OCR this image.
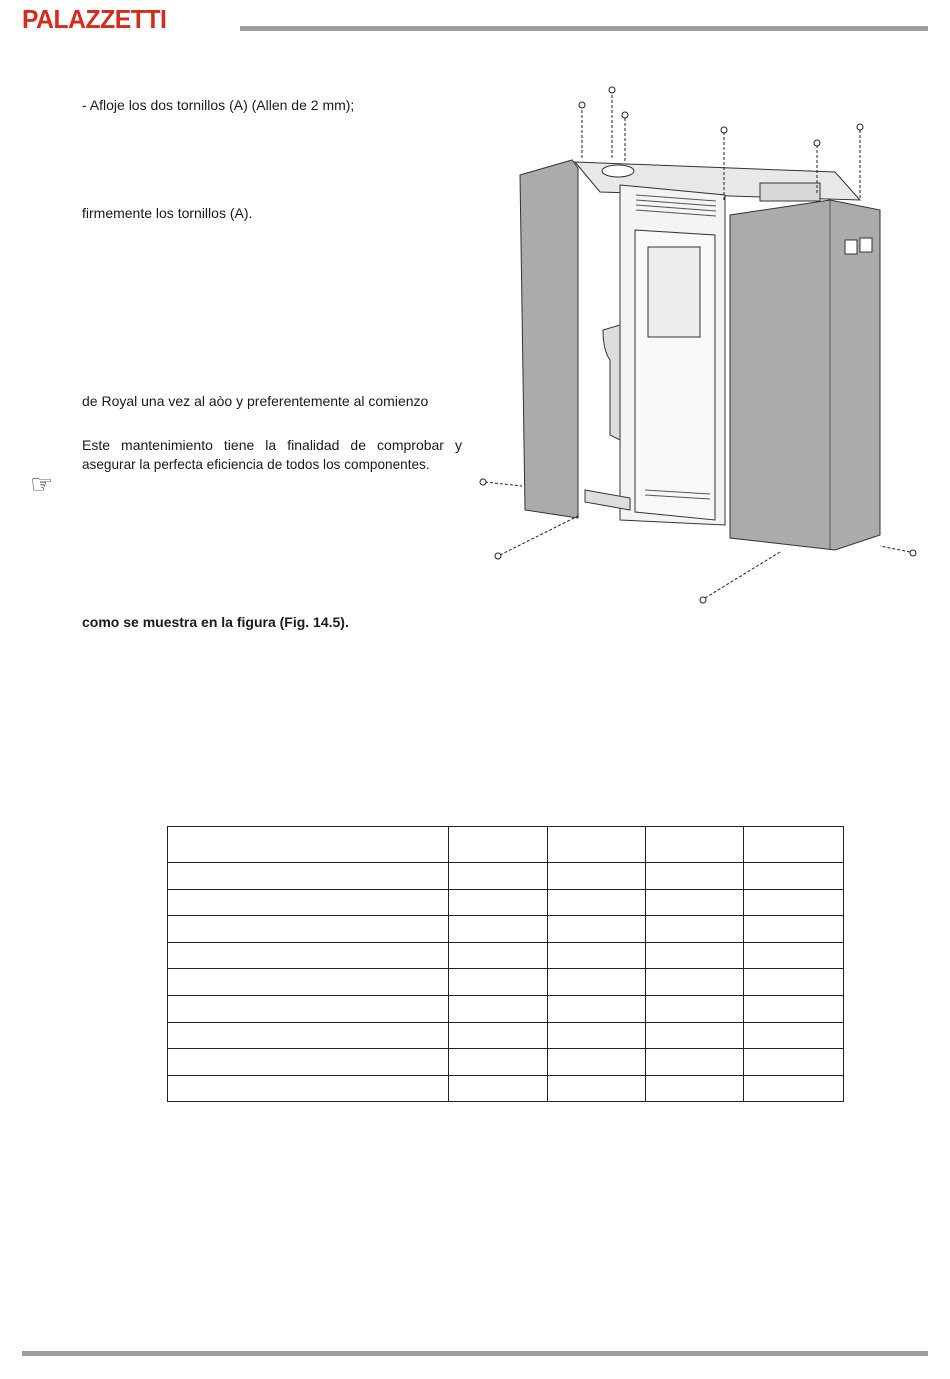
PALAZZETTI
- Afloje los dos tornillos (A) (Allen de 2 mm);
firmemente los tornillos (A).
de Royal una vez al aòo y preferentemente al comienzo
Este mantenimiento tiene la finalidad de comprobar y
asegurar la perfecta eficiencia de todos los componentes.
☞
como se muestra en la figura (Fig. 14.5).
